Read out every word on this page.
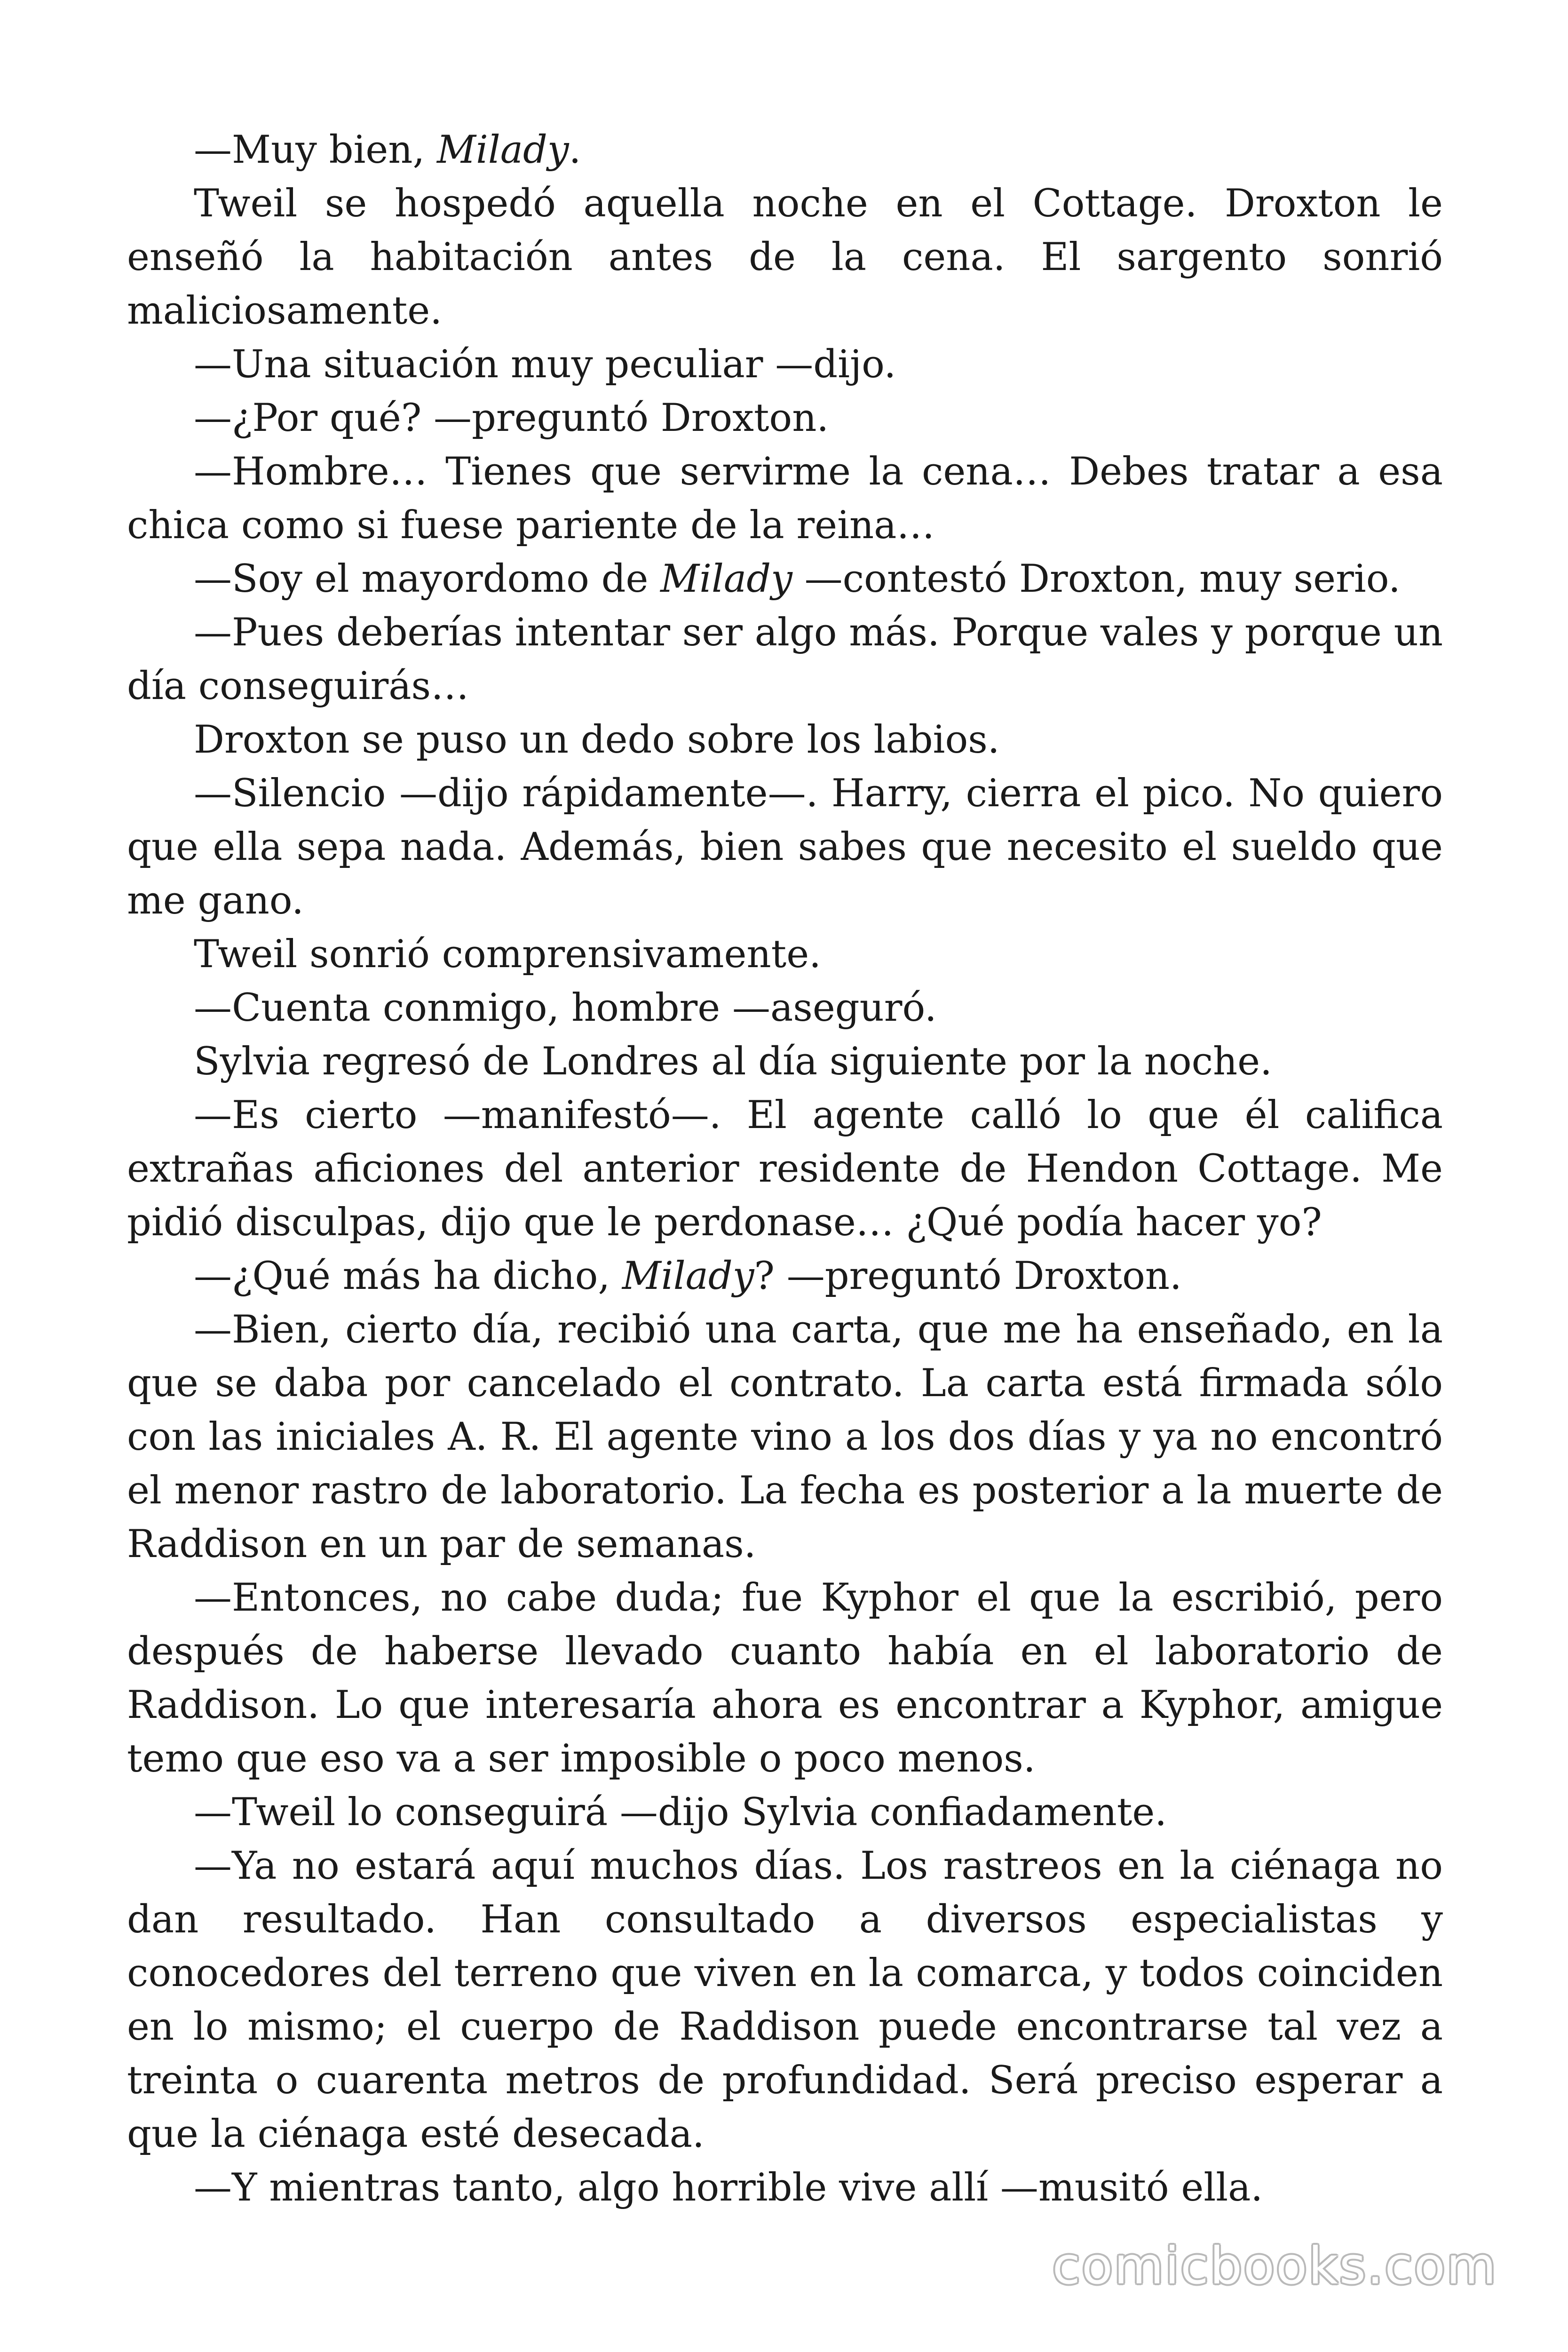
—Muy bien, Milady.

Tweil se hospedó aquella noche en el Cottage. Droxton le enseñó la habitación antes de la cena. El sargento sonrió maliciosamente.

—Una situación muy peculiar —dijo.

—¿Por qué? —preguntó Droxton.

—Hombre… Tienes que servirme la cena… Debes tratar a esa chica como si fuese pariente de la reina…

—Soy el mayordomo de Milady —contestó Droxton, muy serio.

—Pues deberías intentar ser algo más. Porque vales y porque un día conseguirás…

Droxton se puso un dedo sobre los labios.

—Silencio —dijo rápidamente—. Harry, cierra el pico. No quiero que ella sepa nada. Además, bien sabes que necesito el sueldo que me gano.

Tweil sonrió comprensivamente.

—Cuenta conmigo, hombre —aseguró.

Sylvia regresó de Londres al día siguiente por la noche.

—Es cierto —manifestó—. El agente calló lo que él califica extrañas aficiones del anterior residente de Hendon Cottage. Me pidió disculpas, dijo que le perdonase… ¿Qué podía hacer yo?

—¿Qué más ha dicho, Milady? —preguntó Droxton.

—Bien, cierto día, recibió una carta, que me ha enseñado, en la que se daba por cancelado el contrato. La carta está firmada sólo con las iniciales A. R. El agente vino a los dos días y ya no encontró el menor rastro de laboratorio. La fecha es posterior a la muerte de Raddison en un par de semanas.

—Entonces, no cabe duda; fue Kyphor el que la escribió, pero después de haberse llevado cuanto había en el laboratorio de Raddison. Lo que interesaría ahora es encontrar a Kyphor, amigue temo que eso va a ser imposible o poco menos.

—Tweil lo conseguirá —dijo Sylvia confiadamente.

—Ya no estará aquí muchos días. Los rastreos en la ciénaga no dan resultado. Han consultado a diversos especialistas y conocedores del terreno que viven en la comarca, y todos coinciden en lo mismo; el cuerpo de Raddison puede encontrarse tal vez a treinta o cuarenta metros de profundidad. Será preciso esperar a que la ciénaga esté desecada.

—Y mientras tanto, algo horrible vive allí —musitó ella.

comicbooks.com
